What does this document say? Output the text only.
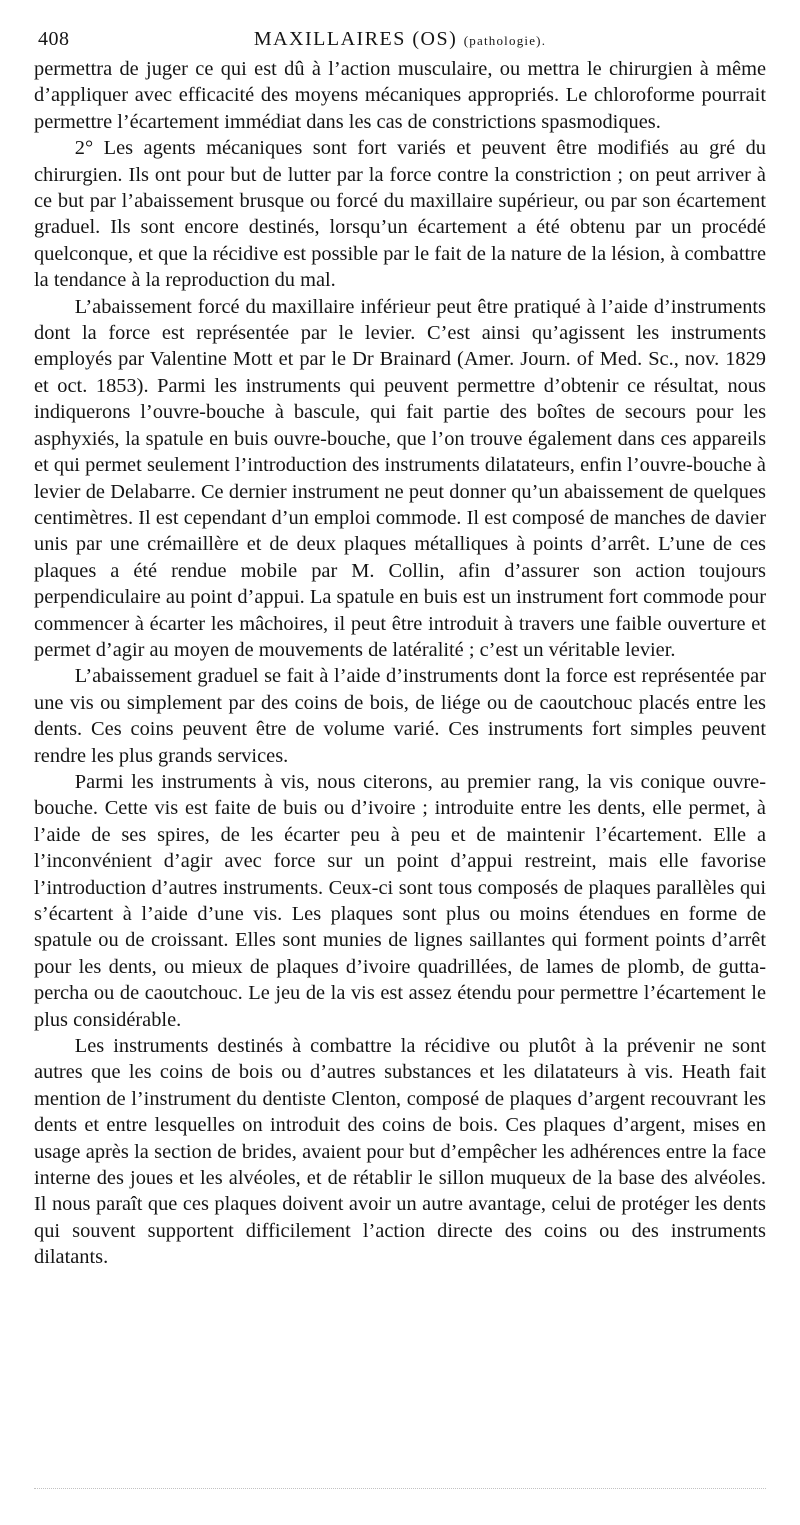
408	MAXILLAIRES (OS) (pathologie).

permettra de juger ce qui est dû à l’action musculaire, ou mettra le chirurgien à même d’appliquer avec efficacité des moyens mécaniques appropriés. Le chloroforme pourrait permettre l’écartement immédiat dans les cas de constrictions spasmodiques.

2° Les agents mécaniques sont fort variés et peuvent être modifiés au gré du chirurgien. Ils ont pour but de lutter par la force contre la constriction ; on peut arriver à ce but par l’abaissement brusque ou forcé du maxillaire supérieur, ou par son écartement graduel. Ils sont encore destinés, lorsqu’un écartement a été obtenu par un procédé quelconque, et que la récidive est possible par le fait de la nature de la lésion, à combattre la tendance à la reproduction du mal.

L’abaissement forcé du maxillaire inférieur peut être pratiqué à l’aide d’instruments dont la force est représentée par le levier. C’est ainsi qu’agissent les instruments employés par Valentine Mott et par le Dr Brainard (Amer. Journ. of Med. Sc., nov. 1829 et oct. 1853). Parmi les instruments qui peuvent permettre d’obtenir ce résultat, nous indiquerons l’ouvre-bouche à bascule, qui fait partie des boîtes de secours pour les asphyxiés, la spatule en buis ouvre-bouche, que l’on trouve également dans ces appareils et qui permet seulement l’introduction des instruments dilatateurs, enfin l’ouvre-bouche à levier de Delabarre. Ce dernier instrument ne peut donner qu’un abaissement de quelques centimètres. Il est cependant d’un emploi commode. Il est composé de manches de davier unis par une crémaillère et de deux plaques métalliques à points d’arrêt. L’une de ces plaques a été rendue mobile par M. Collin, afin d’assurer son action toujours perpendiculaire au point d’appui. La spatule en buis est un instrument fort commode pour commencer à écarter les mâchoires, il peut être introduit à travers une faible ouverture et permet d’agir au moyen de mouvements de latéralité ; c’est un véritable levier.

L’abaissement graduel se fait à l’aide d’instruments dont la force est représentée par une vis ou simplement par des coins de bois, de liége ou de caoutchouc placés entre les dents. Ces coins peuvent être de volume varié. Ces instruments fort simples peuvent rendre les plus grands services.

Parmi les instruments à vis, nous citerons, au premier rang, la vis conique ouvre-bouche. Cette vis est faite de buis ou d’ivoire ; introduite entre les dents, elle permet, à l’aide de ses spires, de les écarter peu à peu et de maintenir l’écartement. Elle a l’inconvénient d’agir avec force sur un point d’appui restreint, mais elle favorise l’introduction d’autres instruments. Ceux-ci sont tous composés de plaques parallèles qui s’écartent à l’aide d’une vis. Les plaques sont plus ou moins étendues en forme de spatule ou de croissant. Elles sont munies de lignes saillantes qui forment points d’arrêt pour les dents, ou mieux de plaques d’ivoire quadrillées, de lames de plomb, de gutta-percha ou de caoutchouc. Le jeu de la vis est assez étendu pour permettre l’écartement le plus considérable.

Les instruments destinés à combattre la récidive ou plutôt à la prévenir ne sont autres que les coins de bois ou d’autres substances et les dilatateurs à vis. Heath fait mention de l’instrument du dentiste Clenton, composé de plaques d’argent recouvrant les dents et entre lesquelles on introduit des coins de bois. Ces plaques d’argent, mises en usage après la section de brides, avaient pour but d’empêcher les adhérences entre la face interne des joues et les alvéoles, et de rétablir le sillon muqueux de la base des alvéoles. Il nous paraît que ces plaques doivent avoir un autre avantage, celui de protéger les dents qui souvent supportent difficilement l’action directe des coins ou des instruments dilatants.
